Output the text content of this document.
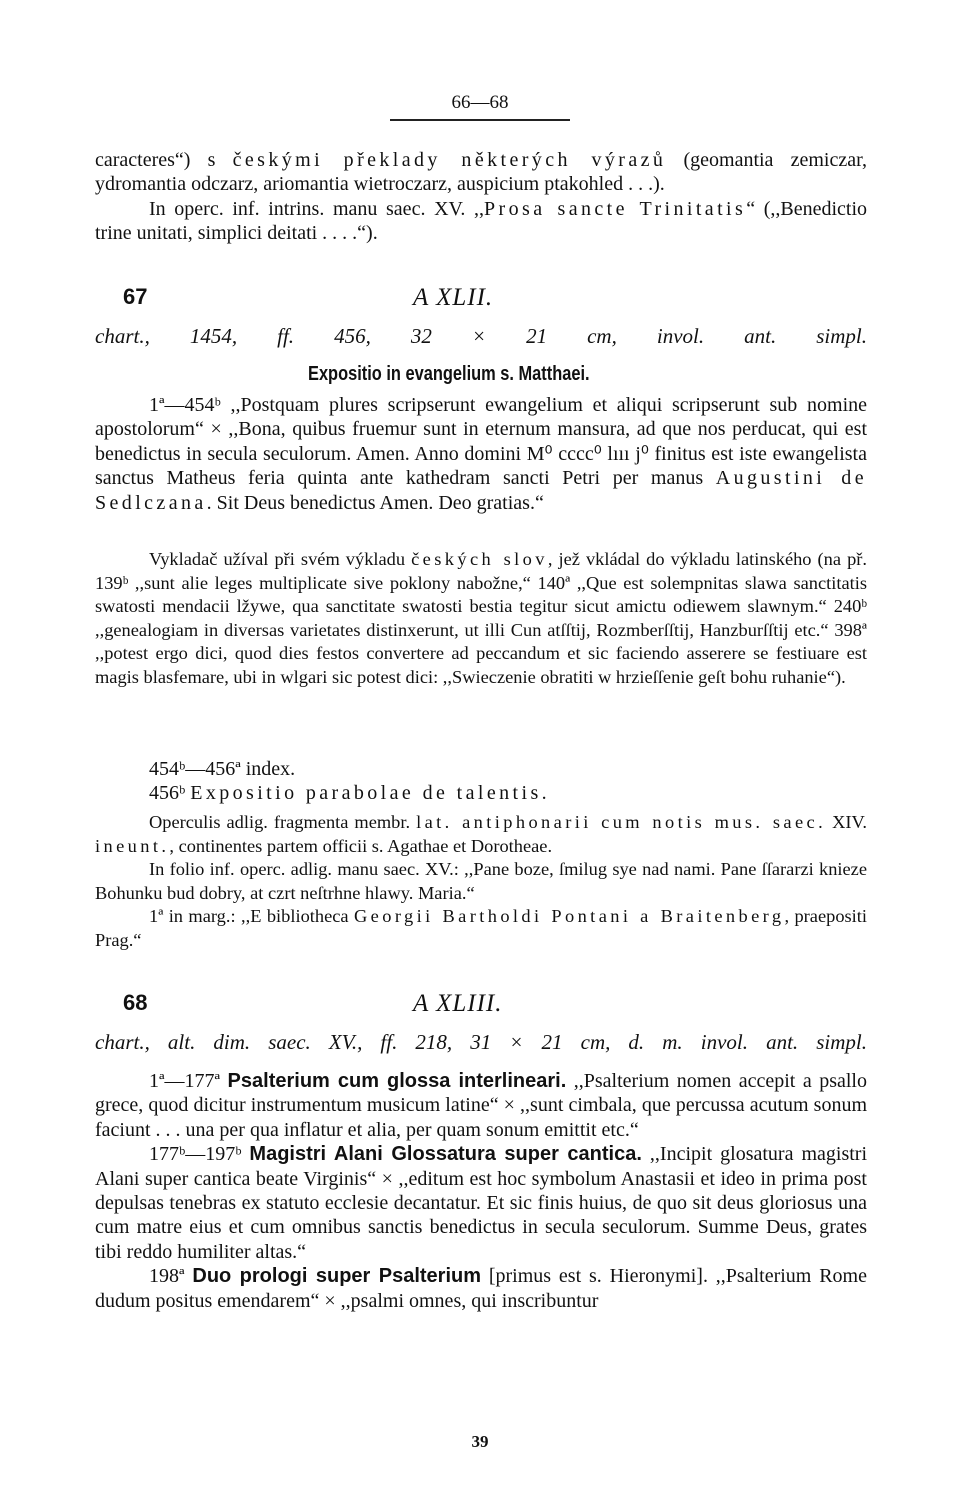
66—68

caracteres“) s českými překlady některých výrazů (geomantia zemiczar, ydromantia odczarz, ariomantia wietroczarz, auspicium ptakohled . . .).

In operc. inf. intrins. manu saec. XV. ,,Prosa sancte Trinitatis“ (,,Benedictio trine unitati, simplici deitati . . . .“).

67	A XLII.
chart., 1454, ff. 456, 32 × 21 cm, invol. ant. simpl.
Expositio in evangelium s. Matthaei.

1ª—454ᵇ ,,Postquam plures scripserunt ewangelium et aliqui scripserunt sub nomine apostolorum“ × ,,Bona, quibus fruemur sunt in eternum mansura, ad que nos perducat, qui est benedictus in secula seculorum. Amen. Anno domini M⁰ cccc⁰ lııı j⁰ finitus est iste ewangelista sanctus Matheus feria quinta ante kathedram sancti Petri per manus Augustini de Sedlczana. Sit Deus benedictus Amen. Deo gratias.“

Vykladač užíval při svém výkladu českých slov, jež vkládal do výkladu latinského (na př. 139ᵇ ,,sunt alie leges multiplicate sive poklony nabožne,“ 140ª ,,Que est solempnitas slawa sanctitatis swatosti mendacii lžywe, qua sanctitate swatosti bestia tegitur sicut amictu odiewem slawnym.“ 240ᵇ ,,genealogiam in diversas varietates distinxerunt, ut illi Cun atſſtij, Rozmberſſtij, Hanzburſſtij etc.“ 398ª ,,potest ergo dici, quod dies festos convertere ad peccandum et sic faciendo asserere se festiuare est magis blasfemare, ubi in wlgari sic potest dici: ,,Swieczenie obratiti w hrzieſſenie geſt bohu ruhanie“).

454ᵇ—456ª index.

456ᵇ Expositio parabolae de talentis.

Operculis adlig. fragmenta membr. lat. antiphonarii cum notis mus. saec. XIV. ineunt., continentes partem officii s. Agathae et Dorotheae.

In folio inf. operc. adlig. manu saec. XV.: ,,Pane boze, ſmilug sye nad nami. Pane ſſararzi knieze Bohunku bud dobry, at czrt neſtrhne hlawy. Maria.“

1ª in marg.: ,,E bibliotheca Georgii Bartholdi Pontani a Braitenberg, praepositi Prag.“

68	A XLIII.
chart., alt. dim. saec. XV., ff. 218, 31 × 21 cm, d. m. invol. ant. simpl.

1ª—177ª Psalterium cum glossa interlineari. ,,Psalterium nomen accepit a psallo grece, quod dicitur instrumentum musicum latine“ × ,,sunt cimbala, que percussa acutum sonum faciunt . . . una per qua inflatur et alia, per quam sonum emittit etc.“

177ᵇ—197ᵇ Magistri Alani Glossatura super cantica. ,,Incipit glosatura magistri Alani super cantica beate Virginis“ × ,,editum est hoc symbolum Anastasii et ideo in prima post depulsas tenebras ex statuto ecclesie decantatur. Et sic finis huius, de quo sit deus gloriosus una cum matre eius et cum omnibus sanctis benedictus in secula seculorum. Summe Deus, grates tibi reddo humiliter altas.“

198ª Duo prologi super Psalterium [primus est s. Hieronymi]. ,,Psalterium Rome dudum positus emendarem“ × ,,psalmi omnes, qui inscribuntur

39
